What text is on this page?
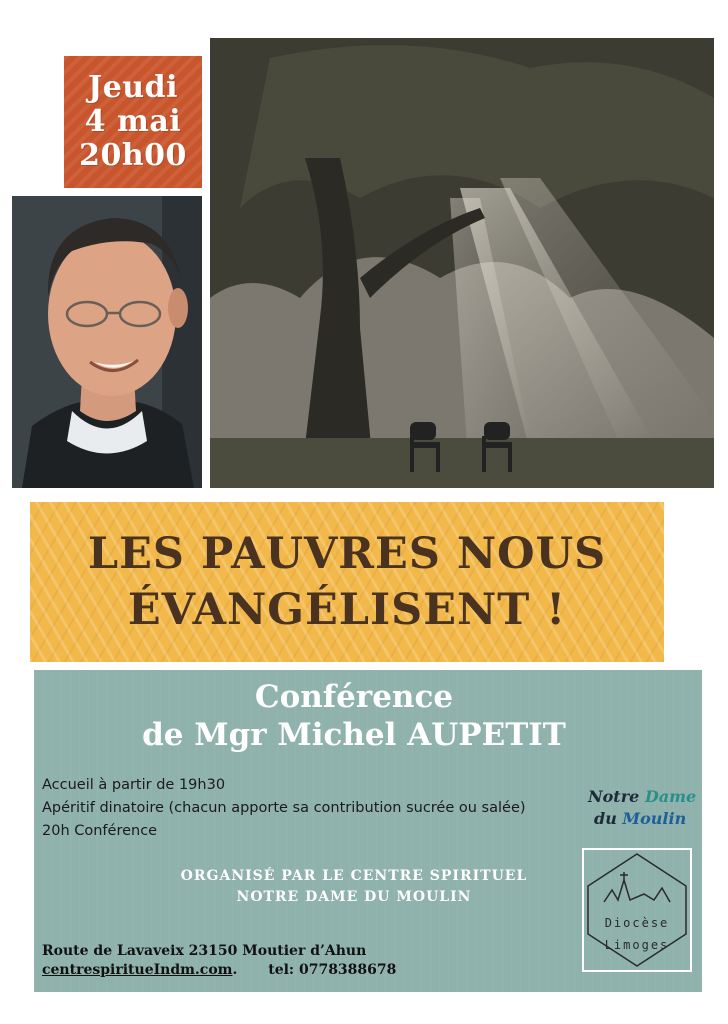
Jeudi
4 mai
20h00
LES PAUVRES NOUS
ÉVANGÉLISENT !
Conférence
de Mgr Michel AUPETIT
Accueil à partir de 19h30
Apéritif dinatoire (chacun apporte sa contribution sucrée ou salée)
20h Conférence
Notre Dame
du Moulin
ORGANISÉ PAR LE CENTRE SPIRITUEL
NOTRE DAME DU MOULIN
Diocèse
Limoges
Route de Lavaveix 23150 Moutier d’Ahun
centrespiritueIndm.com. tel: 0778388678
